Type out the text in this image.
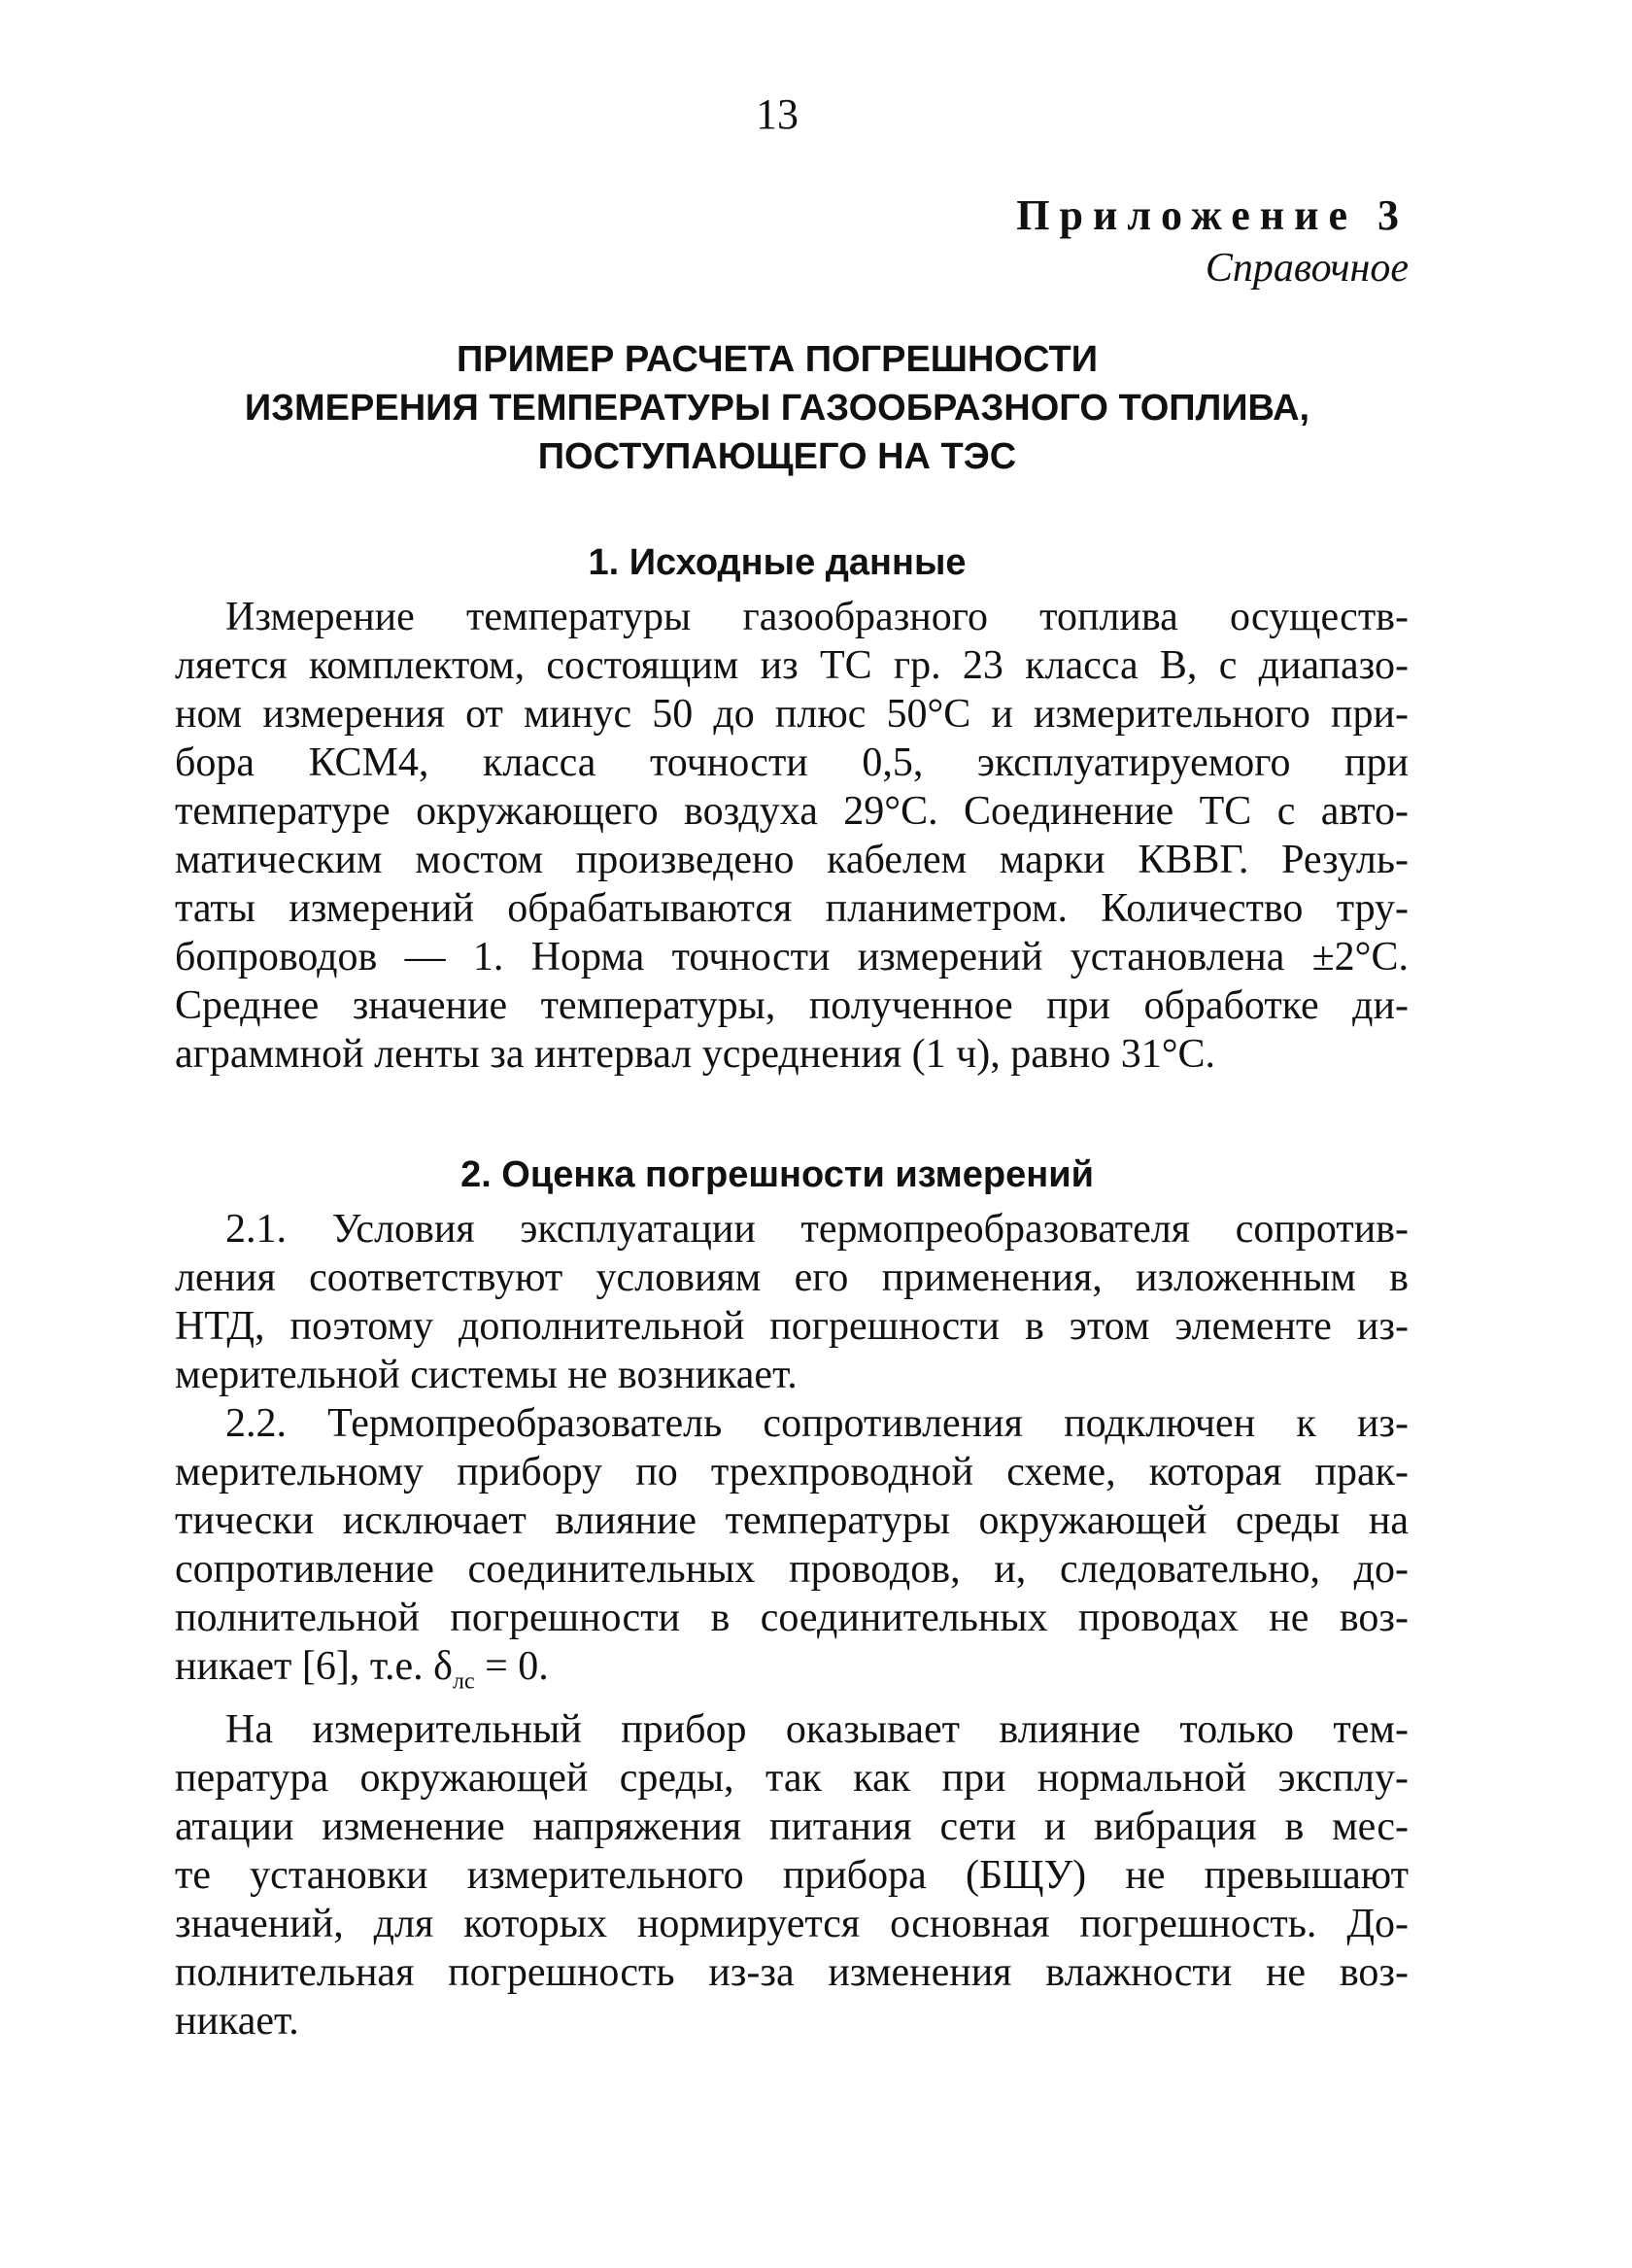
13
Приложение 3
Справочное
ПРИМЕР РАСЧЕТА ПОГРЕШНОСТИ
ИЗМЕРЕНИЯ ТЕМПЕРАТУРЫ ГАЗООБРАЗНОГО ТОПЛИВА,
ПОСТУПАЮЩЕГО НА ТЭС
1. Исходные данные

Измерение температуры газообразного топлива осуществ-
ляется комплектом, состоящим из ТС гр. 23 класса В, с диапазо-
ном измерения от минус 50 до плюс 50°С и измерительного при-
бора КСМ4, класса точности 0,5, эксплуатируемого при
температуре окружающего воздуха 29°С. Соединение ТС с авто-
матическим мостом произведено кабелем марки КВВГ. Резуль-
таты измерений обрабатываются планиметром. Количество тру-
бопроводов — 1. Норма точности измерений установлена ±2°С.
Среднее значение температуры, полученное при обработке ди-
аграммной ленты за интервал усреднения (1 ч), равно 31°С.

2. Оценка погрешности измерений

2.1. Условия эксплуатации термопреобразователя сопротив-
ления соответствуют условиям его применения, изложенным в
НТД, поэтому дополнительной погрешности в этом элементе из-
мерительной системы не возникает.

2.2. Термопреобразователь сопротивления подключен к из-
мерительному прибору по трехпроводной схеме, которая прак-
тически исключает влияние температуры окружающей среды на
сопротивление соединительных проводов, и, следовательно, до-
полнительной погрешности в соединительных проводах не воз-
никает [6], т.е. $\delta_{лс} = 0$.

На измерительный прибор оказывает влияние только тем-
пература окружающей среды, так как при нормальной эксплу-
атации изменение напряжения питания сети и вибрация в мес-
те установки измерительного прибора (БЩУ) не превышают
значений, для которых нормируется основная погрешность. До-
полнительная погрешность из-за изменения влажности не воз-
никает.
